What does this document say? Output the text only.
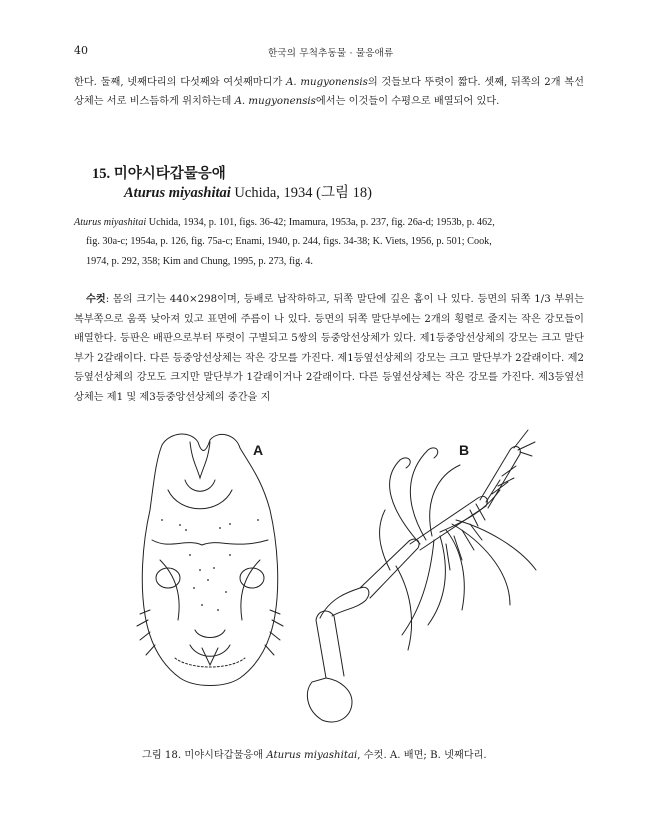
40	한국의 무척추동물 · 물응애류
한다. 둘째, 넷째다리의 다섯째와 여섯째마디가 A. mugyonensis의 것들보다 뚜렷이 짧다. 셋째, 뒤쪽의 2개 복선상체는 서로 비스듬하게 위치하는데 A. mugyonensis에서는 이것들이 수평으로 배열되어 있다.
15. 미야시타갑물응애
Aturus miyashitai Uchida, 1934 (그림 18)
Aturus miyashitai Uchida, 1934, p. 101, figs. 36-42; Imamura, 1953a, p. 237, fig. 26a-d; 1953b, p. 462,
fig. 30a-c; 1954a, p. 126, fig. 75a-c; Enami, 1940, p. 244, figs. 34-38; K. Viets, 1956, p. 501; Cook,
1974, p. 292, 358; Kim and Chung, 1995, p. 273, fig. 4.
수컷: 몸의 크기는 440×298이며, 등배로 납작하하고, 뒤쪽 말단에 깊은 홈이 나 있다. 등면의 뒤쪽 1/3 부위는 복부쪽으로 움푹 낮아져 있고 표면에 주름이 나 있다. 등면의 뒤쪽 말단부에는 2개의 횡렬로 줄지는 작은 강모들이 배열한다. 등판은 배판으로부터 뚜렷이 구별되고 5쌍의 등중앙선상체가 있다. 제1등중앙선상체의 강모는 크고 말단부가 2갈래이다. 다른 등중앙선상체는 작은 강모를 가진다. 제1등옆선상체의 강모는 크고 말단부가 2갈래이다. 제2등옆선상체의 강모도 크지만 말단부가 1갈래이거나 2갈래이다. 다른 등옆선상체는 작은 강모를 가진다. 제3등옆선상체는 제1 및 제3등중앙선상체의 중간을 지
A	B
그림 18. 미야시타갑물응애 Aturus miyashitai, 수컷. A. 배면; B. 넷째다리.
